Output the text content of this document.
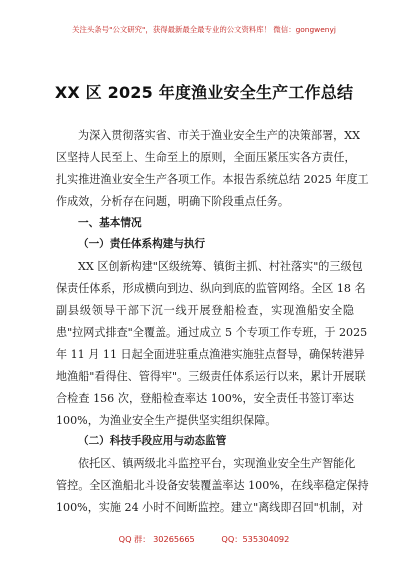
关注头条号"公文研究"，获得最新最全最专业的公文资料库！ 微信：gongwenyj
XX 区 2025 年度渔业安全生产工作总结
为深入贯彻落实省、市关于渔业安全生产的决策部署，XX
区坚持人民至上、生命至上的原则，全面压紧压实各方责任，
扎实推进渔业安全生产各项工作。本报告系统总结 2025 年度工
作成效，分析存在问题，明确下阶段重点任务。
一、基本情况
（一）责任体系构建与执行
XX 区创新构建"区级统筹、镇街主抓、村社落实"的三级包
保责任体系，形成横向到边、纵向到底的监管网络。全区 18 名
副县级领导干部下沉一线开展登船检查，实现渔船安全隐
患"拉网式排查"全覆盖。通过成立 5 个专项工作专班，于 2025
年 11 月 11 日起全面进驻重点渔港实施驻点督导，确保转港异
地渔船"看得住、管得牢"。三级责任体系运行以来，累计开展联
合检查 156 次，登船检查率达 100%，安全责任书签订率达
100%，为渔业安全生产提供坚实组织保障。
（二）科技手段应用与动态监管
依托区、镇两级北斗监控平台，实现渔业安全生产智能化
管控。全区渔船北斗设备安装覆盖率达 100%，在线率稳定保持
100%，实施 24 小时不间断监控。建立"离线即召回"机制，对
QQ 群： 30265665	QQ：535304092
